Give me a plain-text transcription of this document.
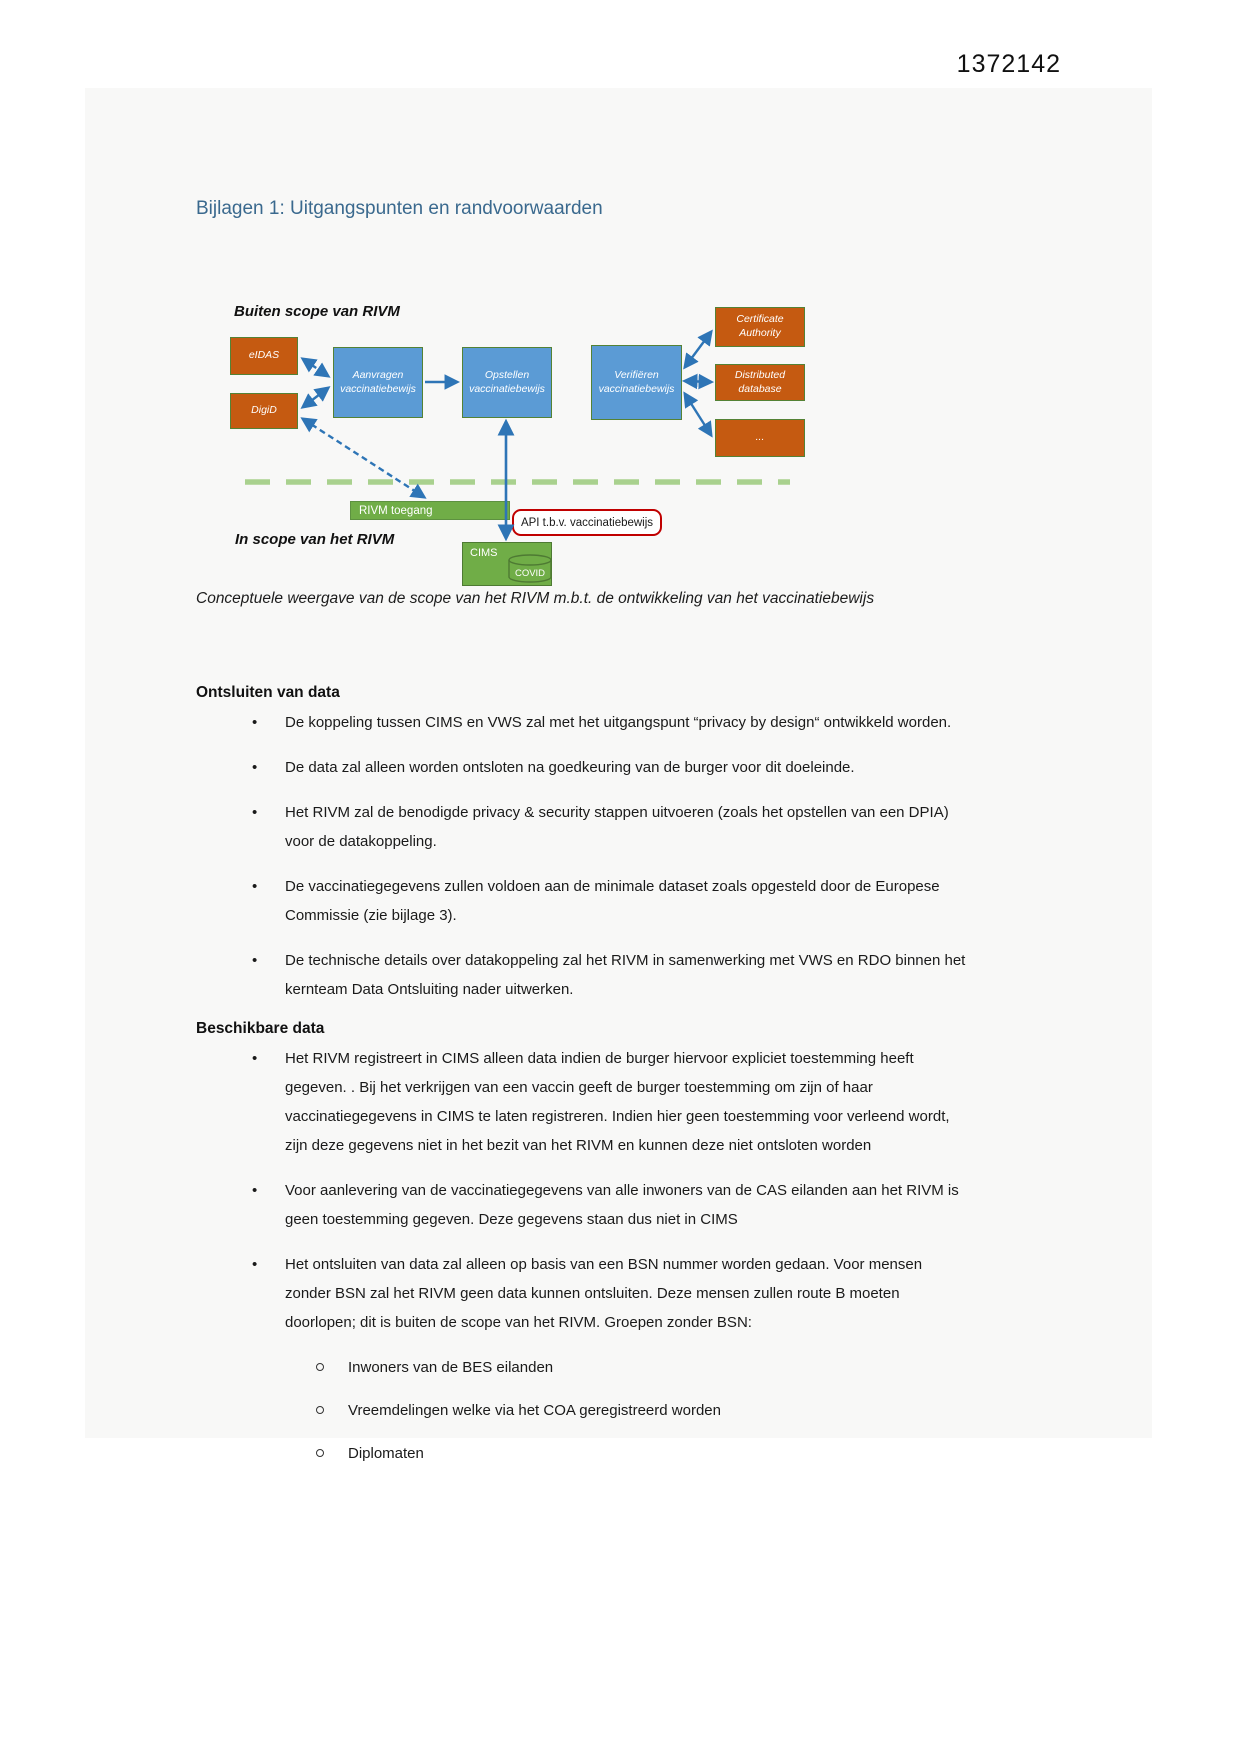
1372142
Bijlagen 1: Uitgangspunten en randvoorwaarden
Buiten scope van RIVM
In scope van het RIVM
eIDAS
DigiD
Aanvragen vaccinatiebewijs
Opstellen vaccinatiebewijs
Verifiëren vaccinatiebewijs
Certificate Authority
Distributed database
...
RIVM toegang
API t.b.v. vaccinatiebewijs
CIMS
COVID
Conceptuele weergave van de scope van het RIVM m.b.t. de ontwikkeling van het vaccinatiebewijs
Ontsluiten van data
• De koppeling tussen CIMS en VWS zal met het uitgangspunt “privacy by design“ ontwikkeld worden.
• De data zal alleen worden ontsloten na goedkeuring van de burger voor dit doeleinde.
• Het RIVM zal de benodigde privacy & security stappen uitvoeren (zoals het opstellen van een DPIA) voor de datakoppeling.
• De vaccinatiegegevens zullen voldoen aan de minimale dataset zoals opgesteld door de Europese Commissie (zie bijlage 3).
• De technische details over datakoppeling zal het RIVM in samenwerking met VWS en RDO binnen het kernteam Data Ontsluiting nader uitwerken.
Beschikbare data
• Het RIVM registreert in CIMS alleen data indien de burger hiervoor expliciet toestemming heeft gegeven. . Bij het verkrijgen van een vaccin geeft de burger toestemming om zijn of haar vaccinatiegegevens in CIMS te laten registreren. Indien hier geen toestemming voor verleend wordt, zijn deze gegevens niet in het bezit van het RIVM en kunnen deze niet ontsloten worden
• Voor aanlevering van de vaccinatiegegevens van alle inwoners van de CAS eilanden aan het RIVM is geen toestemming gegeven. Deze gegevens staan dus niet in CIMS
• Het ontsluiten van data zal alleen op basis van een BSN nummer worden gedaan. Voor mensen zonder BSN zal het RIVM geen data kunnen ontsluiten. Deze mensen zullen route B moeten doorlopen; dit is buiten de scope van het RIVM. Groepen zonder BSN:
Inwoners van de BES eilanden
Vreemdelingen welke via het COA geregistreerd worden
Diplomaten
